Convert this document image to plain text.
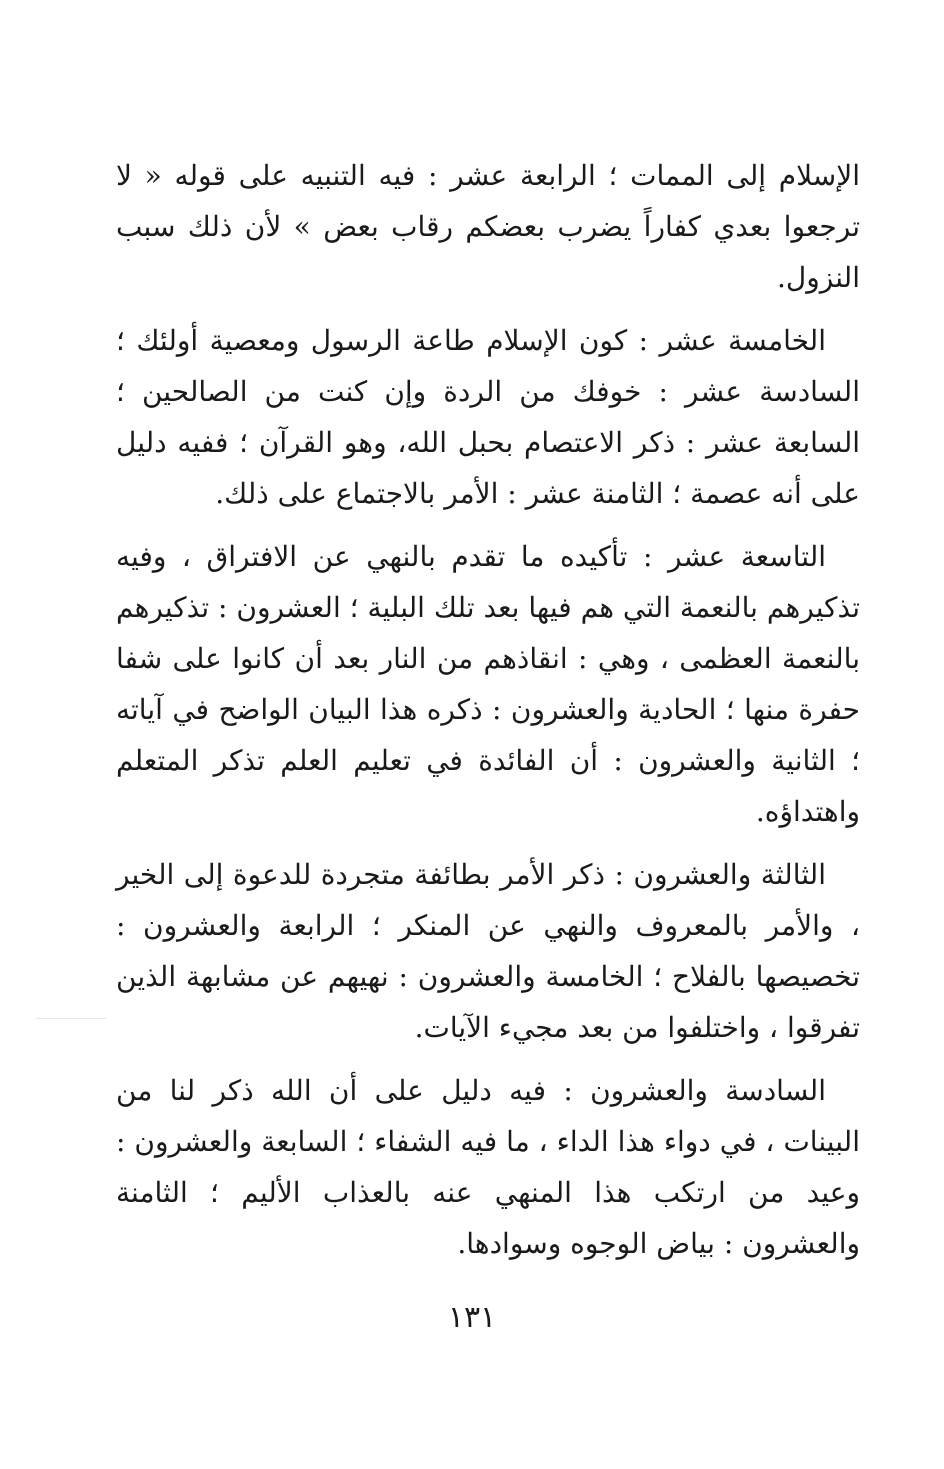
الإسلام إلى الممات ؛ الرابعة عشر : فيه التنبيه على قوله « لا ترجعوا بعدي كفاراً يضرب بعضكم رقاب بعض » لأن ذلك سبب النزول.

الخامسة عشر : كون الإسلام طاعة الرسول ومعصية أولئك ؛ السادسة عشر : خوفك من الردة وإن كنت من الصالحين ؛ السابعة عشر : ذكر الاعتصام بحبل الله، وهو القرآن ؛ ففيه دليل على أنه عصمة ؛ الثامنة عشر : الأمر بالاجتماع على ذلك.

التاسعة عشر : تأكيده ما تقدم بالنهي عن الافتراق ، وفيه تذكيرهم بالنعمة التي هم فيها بعد تلك البلية ؛ العشرون : تذكيرهم بالنعمة العظمى ، وهي : انقاذهم من النار بعد أن كانوا على شفا حفرة منها ؛ الحادية والعشرون : ذكره هذا البيان الواضح في آياته ؛ الثانية والعشرون : أن الفائدة في تعليم العلم تذكر المتعلم واهتداؤه.

الثالثة والعشرون : ذكر الأمر بطائفة متجردة للدعوة إلى الخير ، والأمر بالمعروف والنهي عن المنكر ؛ الرابعة والعشرون : تخصيصها بالفلاح ؛ الخامسة والعشرون : نهيهم عن مشابهة الذين تفرقوا ، واختلفوا من بعد مجيء الآيات.

السادسة والعشرون : فيه دليل على أن الله ذكر لنا من البينات ، في دواء هذا الداء ، ما فيه الشفاء ؛ السابعة والعشرون : وعيد من ارتكب هذا المنهي عنه بالعذاب الأليم ؛ الثامنة والعشرون : بياض الوجوه وسوادها.

١٣١
